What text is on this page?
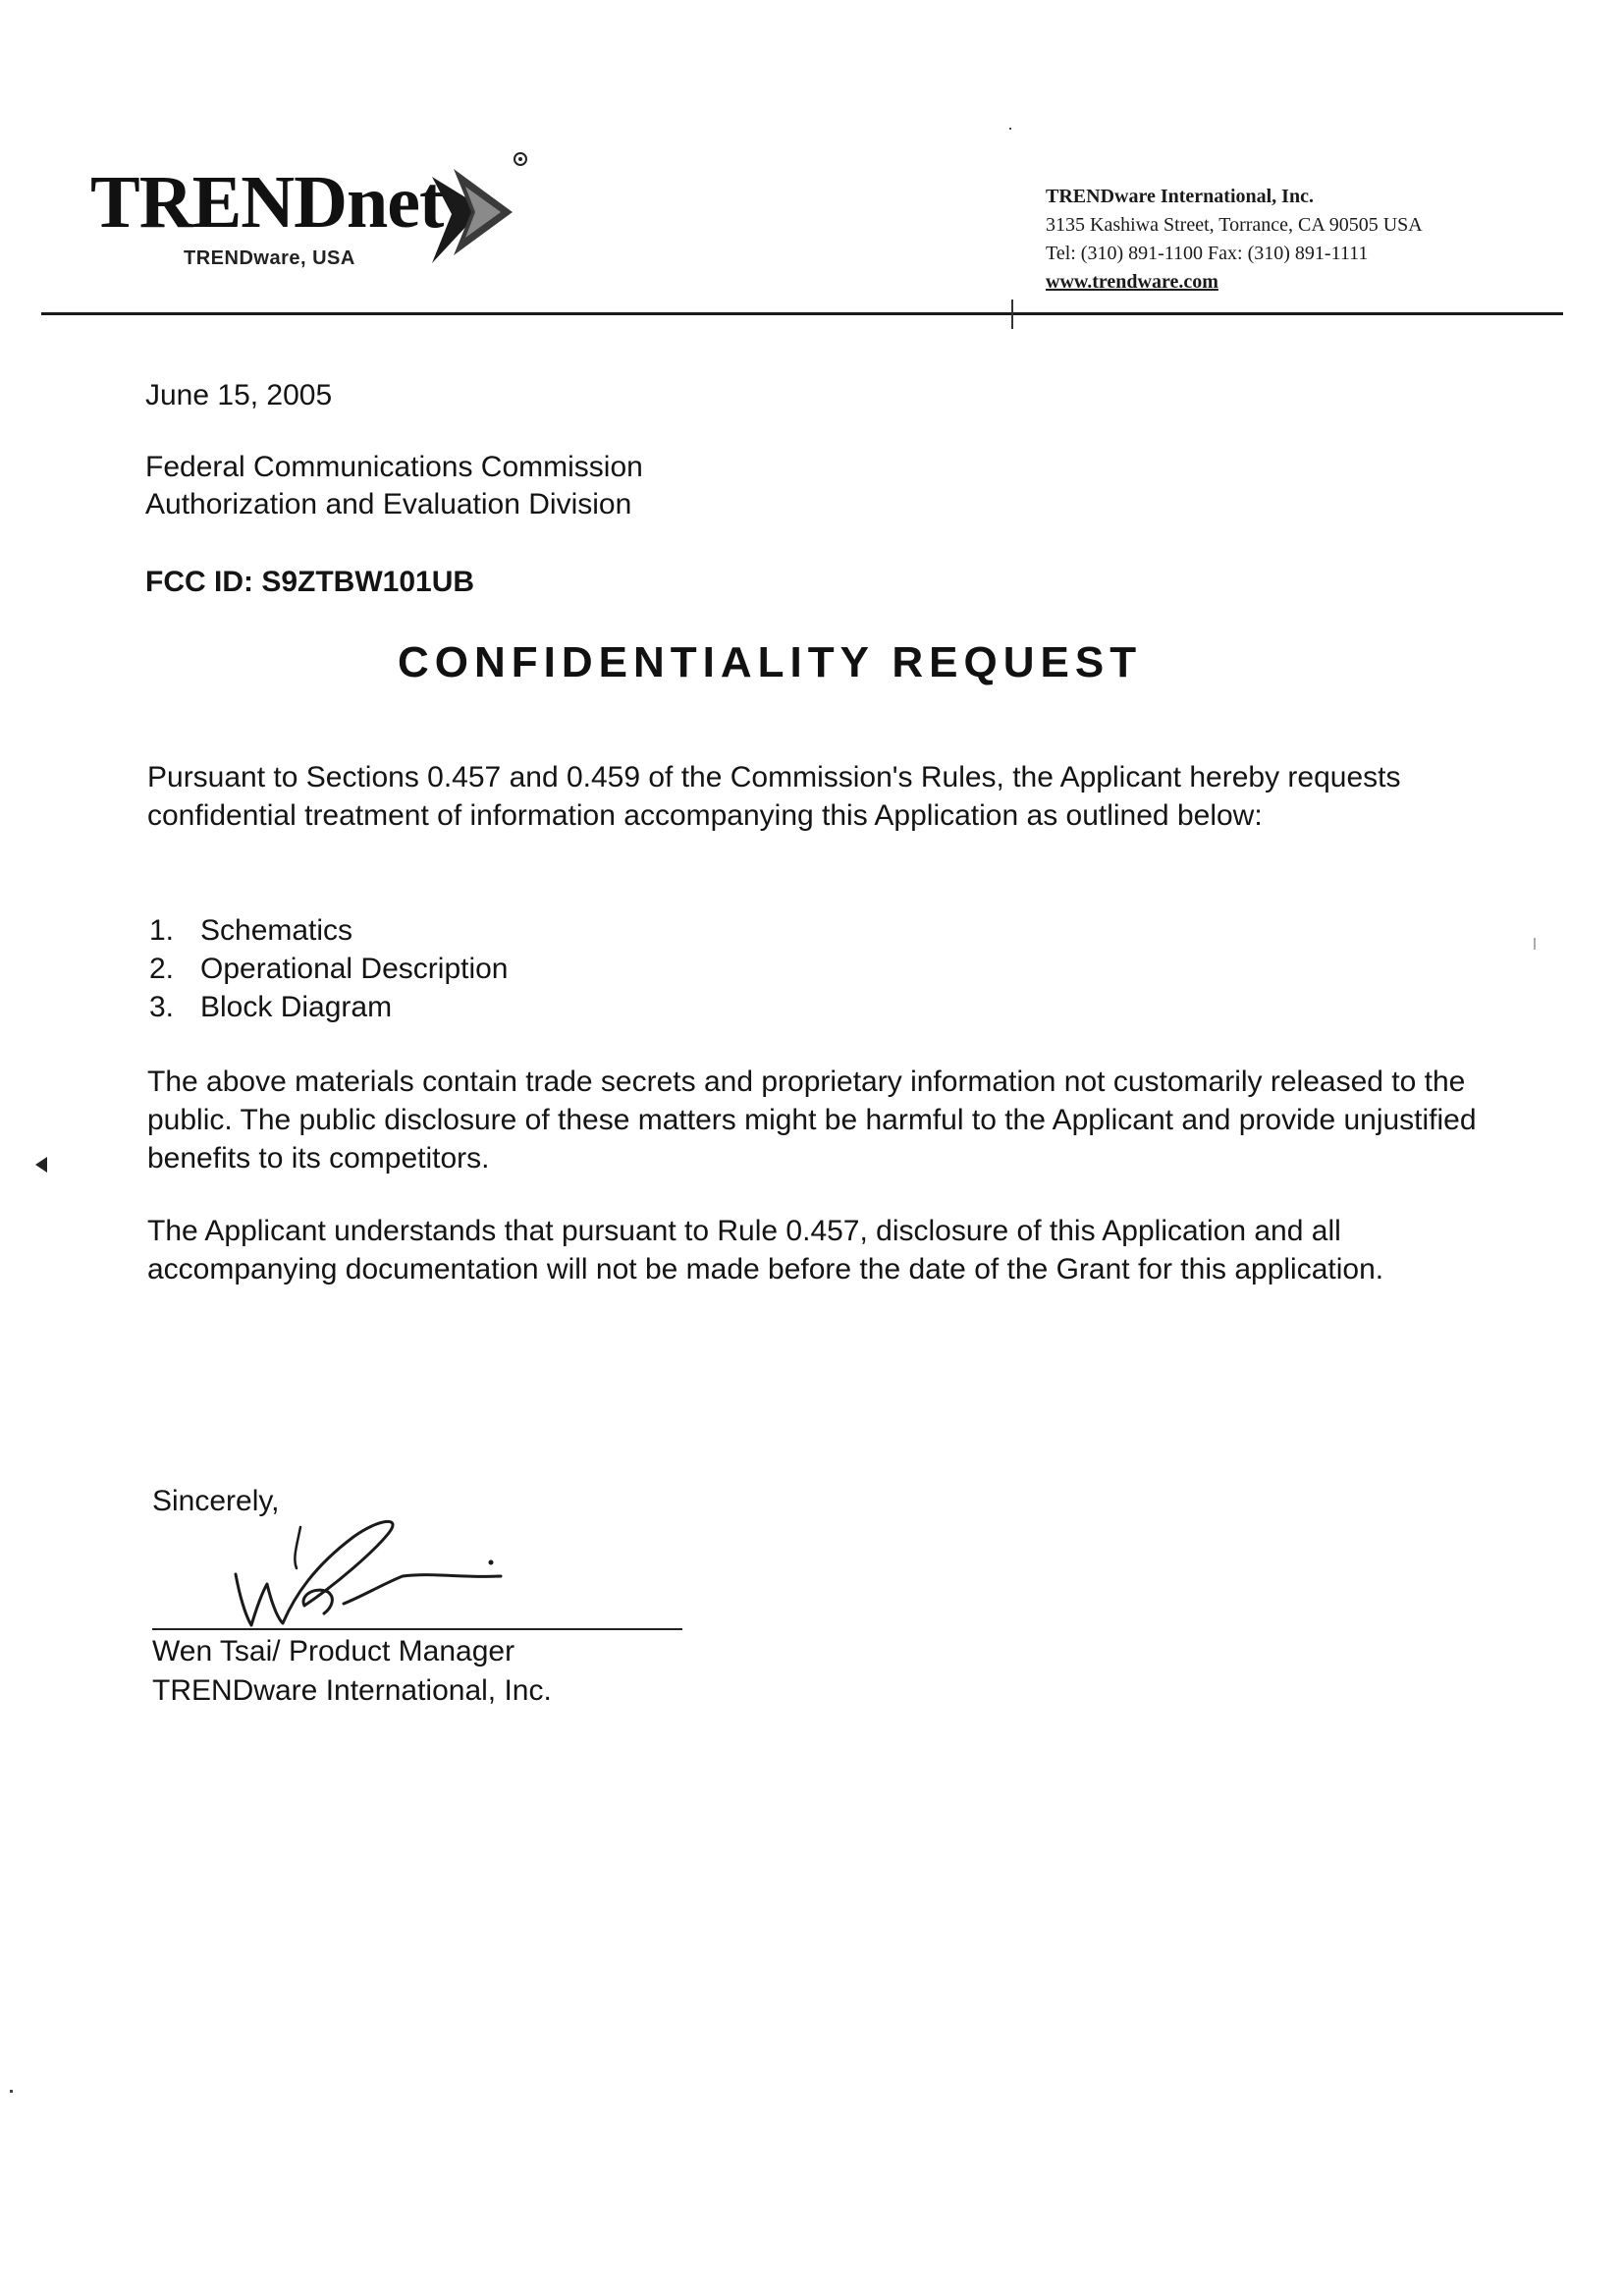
TRENDnet
TRENDware, USA
TRENDware International, Inc.
3135 Kashiwa Street, Torrance, CA 90505 USA
Tel: (310) 891-1100 Fax: (310) 891-1111
www.trendware.com
June 15, 2005
Federal Communications Commission
Authorization and Evaluation Division
FCC ID: S9ZTBW101UB
CONFIDENTIALITY REQUEST
Pursuant to Sections 0.457 and 0.459 of the Commission's Rules, the Applicant hereby requests confidential treatment of information accompanying this Application as outlined below:
1. Schematics
2. Operational Description
3. Block Diagram
The above materials contain trade secrets and proprietary information not customarily released to the public. The public disclosure of these matters might be harmful to the Applicant and provide unjustified benefits to its competitors.
The Applicant understands that pursuant to Rule 0.457, disclosure of this Application and all accompanying documentation will not be made before the date of the Grant for this application.
Sincerely,
Wen Tsai/ Product Manager
TRENDware International, Inc.
